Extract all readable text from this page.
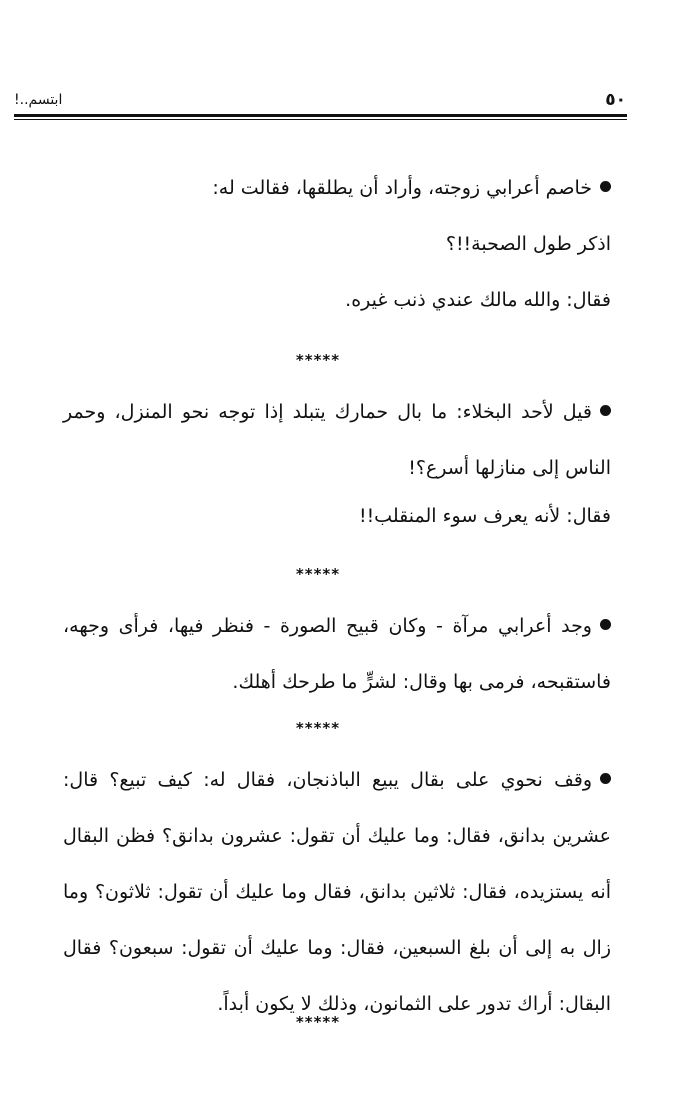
٥٠
ابتسم..!

خاصم أعرابي زوجته، وأراد أن يطلقها، فقالت له:

اذكر طول الصحبة!!؟

فقال: والله مالك عندي ذنب غيره.

*****

قيل لأحد البخلاء: ما بال حمارك يتبلد إذا توجه نحو المنزل، وحمر الناس إلى منازلها أسرع؟!

فقال: لأنه يعرف سوء المنقلب!!

*****

وجد أعرابي مرآة - وكان قبيح الصورة - فنظر فيها، فرأى وجهه، فاستقبحه، فرمى بها وقال: لشرٍّ ما طرحك أهلك.

*****

وقف نحوي على بقال يبيع الباذنجان، فقال له: كيف تبيع؟ قال: عشرين بدانق، فقال: وما عليك أن تقول: عشرون بدانق؟ فظن البقال أنه يستزيده، فقال: ثلاثين بدانق، فقال وما عليك أن تقول: ثلاثون؟ وما زال به إلى أن بلغ السبعين، فقال: وما عليك أن تقول: سبعون؟ فقال البقال: أراك تدور على الثمانون، وذلك لا يكون أبداً.

*****
